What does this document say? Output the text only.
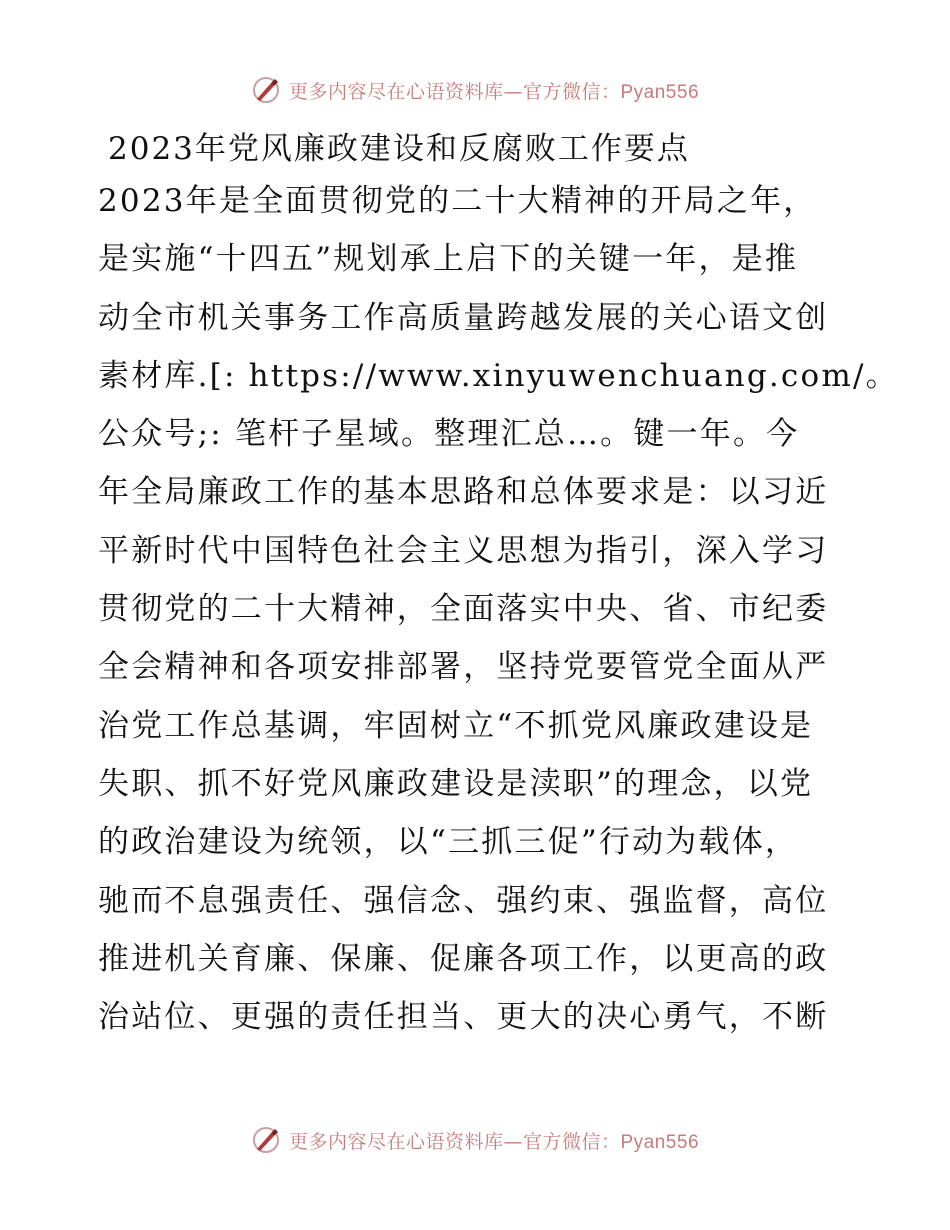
更多内容尽在心语资料库—官方微信：Pyan556
2023年党风廉政建设和反腐败工作要点
2023年是全面贯彻党的二十大精神的开局之年，
是实施“十四五”规划承上启下的关键一年，是推
动全市机关事务工作高质量跨越发展的关心语文创
素材库.[: https://www.xinyuwenchuang.com/。
公众号;: 笔杆子星域。整理汇总…。键一年。今
年全局廉政工作的基本思路和总体要求是：以习近
平新时代中国特色社会主义思想为指引，深入学习
贯彻党的二十大精神，全面落实中央、省、市纪委
全会精神和各项安排部署，坚持党要管党全面从严
治党工作总基调，牢固树立“不抓党风廉政建设是
失职、抓不好党风廉政建设是渎职”的理念，以党
的政治建设为统领，以“三抓三促”行动为载体，
驰而不息强责任、强信念、强约束、强监督，高位
推进机关育廉、保廉、促廉各项工作，以更高的政
治站位、更强的责任担当、更大的决心勇气，不断
更多内容尽在心语资料库—官方微信：Pyan556
